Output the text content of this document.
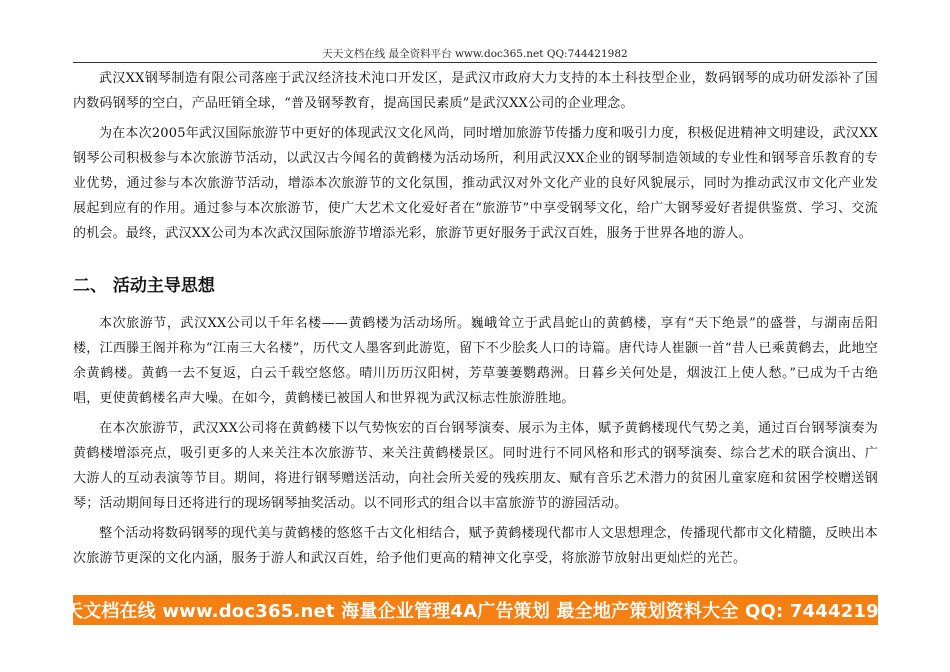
天天文档在线 最全资料平台 www.doc365.net QQ:744421982

武汉XX钢琴制造有限公司落座于武汉经济技术沌口开发区，是武汉市政府大力支持的本土科技型企业，数码钢琴的成功研发添补了国内数码钢琴的空白，产品旺销全球，“普及钢琴教育，提高国民素质”是武汉XX公司的企业理念。

为在本次2005年武汉国际旅游节中更好的体现武汉文化风尚，同时增加旅游节传播力度和吸引力度，积极促进精神文明建设，武汉XX钢琴公司积极参与本次旅游节活动，以武汉古今闻名的黄鹤楼为活动场所，利用武汉XX企业的钢琴制造领域的专业性和钢琴音乐教育的专业优势，通过参与本次旅游节活动，增添本次旅游节的文化氛围，推动武汉对外文化产业的良好风貌展示，同时为推动武汉市文化产业发展起到应有的作用。通过参与本次旅游节，使广大艺术文化爱好者在“旅游节”中享受钢琴文化，给广大钢琴爱好者提供鉴赏、学习、交流的机会。最终，武汉XX公司为本次武汉国际旅游节增添光彩，旅游节更好服务于武汉百姓，服务于世界各地的游人。

二、 活动主导思想

本次旅游节，武汉XX公司以千年名楼——黄鹤楼为活动场所。巍峨耸立于武昌蛇山的黄鹤楼，享有“天下绝景”的盛誉，与湖南岳阳楼，江西滕王阁并称为“江南三大名楼”，历代文人墨客到此游览，留下不少脍炙人口的诗篇。唐代诗人崔颢一首“昔人已乘黄鹤去，此地空余黄鹤楼。黄鹤一去不复返，白云千载空悠悠。晴川历历汉阳树，芳草萋萋鹦鹉洲。日暮乡关何处是，烟波江上使人愁。”已成为千古绝唱，更使黄鹤楼名声大噪。在如今，黄鹤楼已被国人和世界视为武汉标志性旅游胜地。

在本次旅游节，武汉XX公司将在黄鹤楼下以气势恢宏的百台钢琴演奏、展示为主体，赋予黄鹤楼现代气势之美，通过百台钢琴演奏为黄鹤楼增添亮点，吸引更多的人来关注本次旅游节、来关注黄鹤楼景区。同时进行不同风格和形式的钢琴演奏、综合艺术的联合演出、广大游人的互动表演等节目。期间，将进行钢琴赠送活动，向社会所关爱的残疾朋友、赋有音乐艺术潜力的贫困儿童家庭和贫困学校赠送钢琴；活动期间每日还将进行的现场钢琴抽奖活动。以不同形式的组合以丰富旅游节的游园活动。

整个活动将数码钢琴的现代美与黄鹤楼的悠悠千古文化相结合，赋予黄鹤楼现代都市人文思想理念，传播现代都市文化精髓，反映出本次旅游节更深的文化内涵，服务于游人和武汉百姓，给予他们更高的精神文化享受，将旅游节放射出更灿烂的光芒。

天天文档在线 www.doc365.net 海量企业管理4A广告策划 最全地产策划资料大全 QQ: 744421982
